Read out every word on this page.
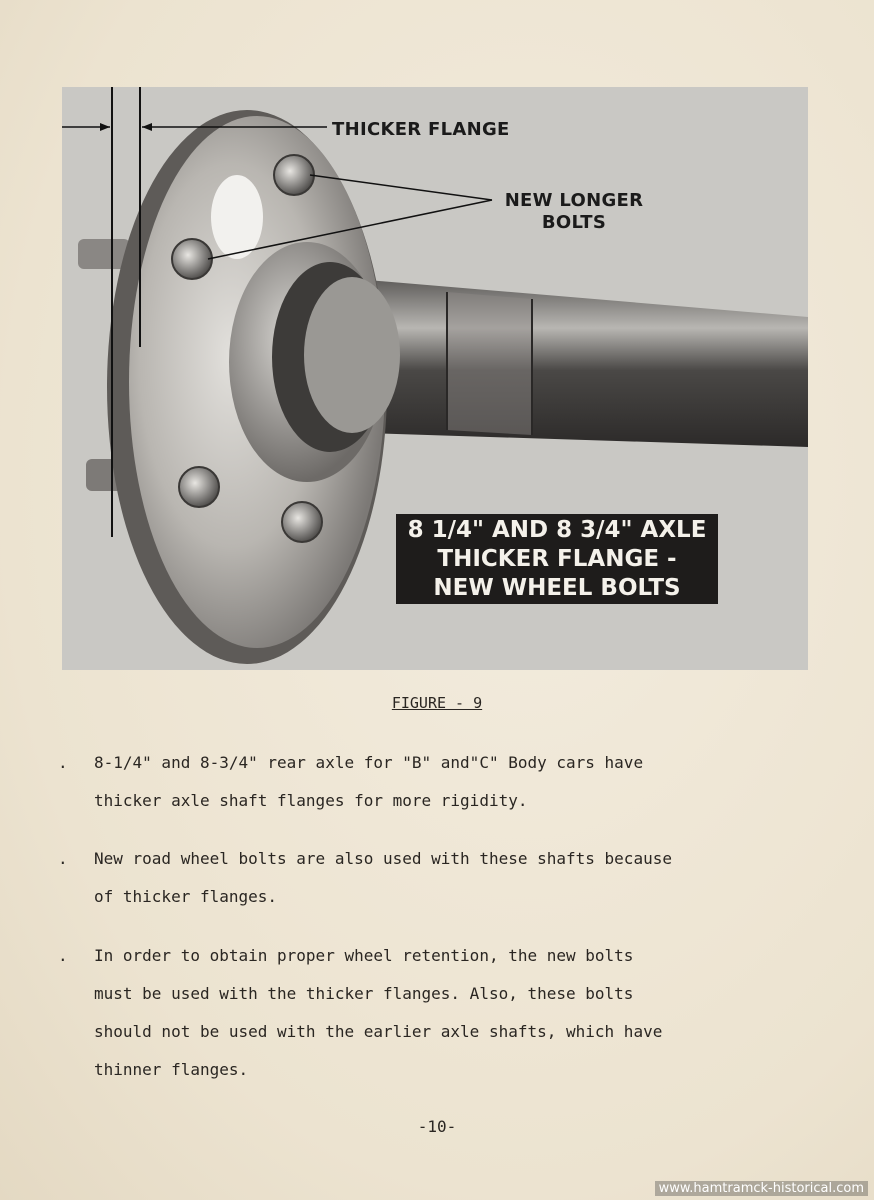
THICKER FLANGE
NEW LONGER
BOLTS
8 1/4" AND 8 3/4" AXLE
THICKER FLANGE -
NEW WHEEL BOLTS
FIGURE - 9
. 8-1/4" and 8-3/4" rear axle for "B" and"C" Body cars have
thicker axle shaft flanges for more rigidity.
. New road wheel bolts are also used with these shafts because
of thicker flanges.
. In order to obtain proper wheel retention, the new bolts
must be used with the thicker flanges. Also, these bolts
should not be used with the earlier axle shafts, which have
thinner flanges.
-10-
www.hamtramck-historical.com
